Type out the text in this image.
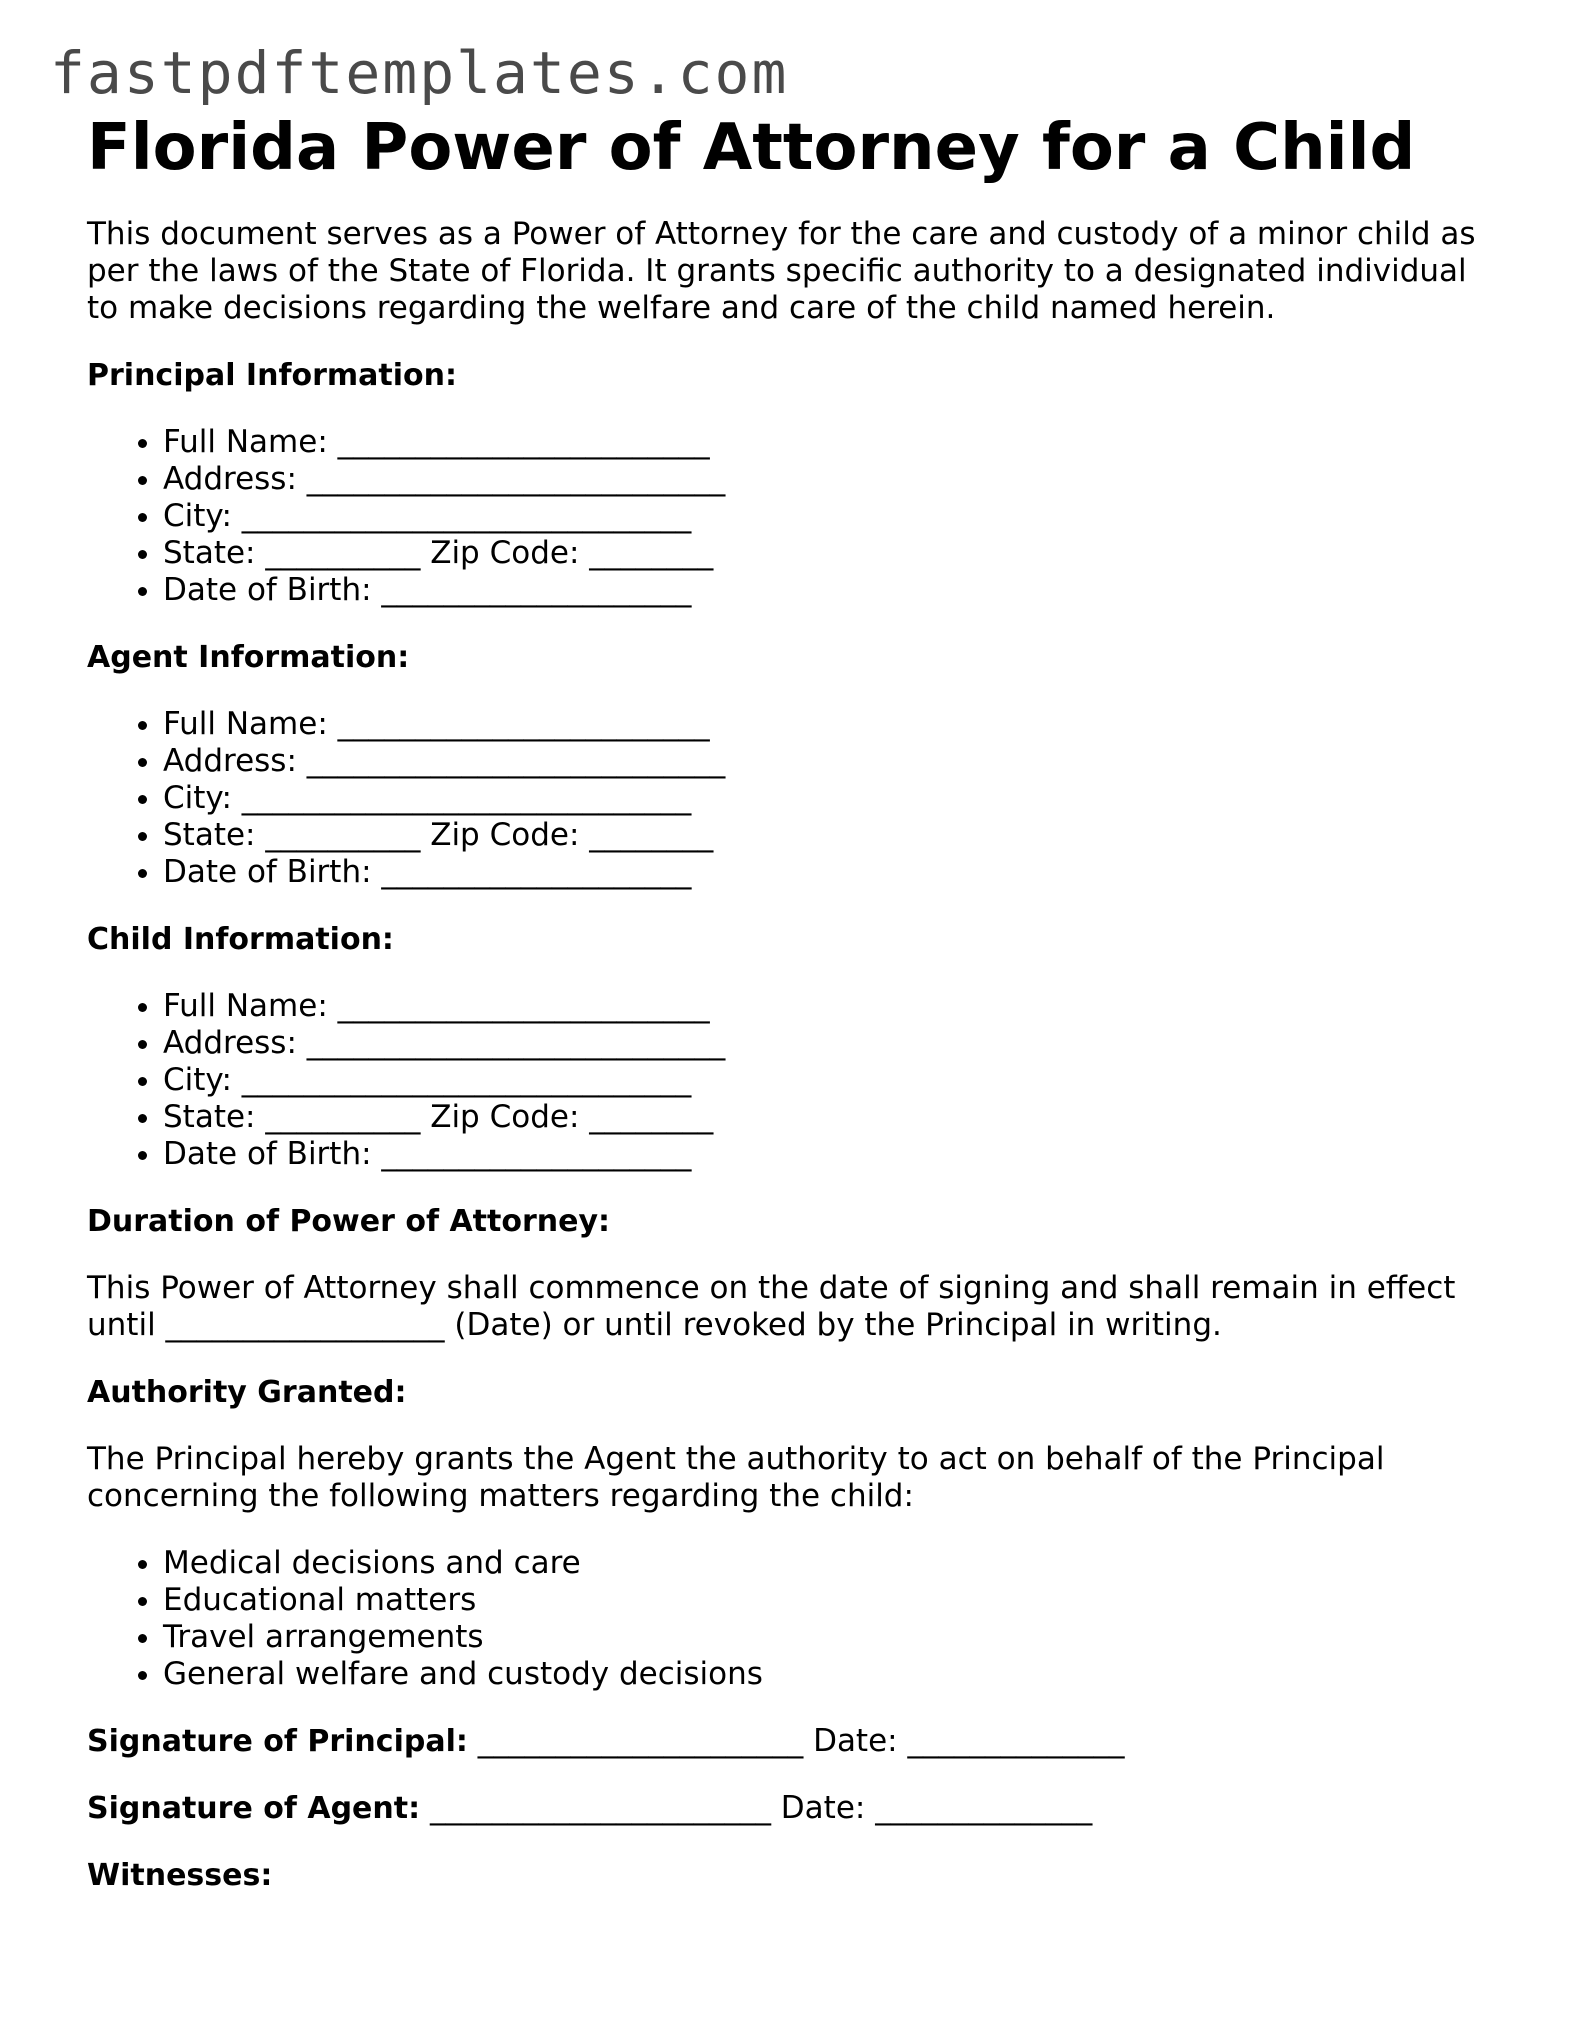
fastpdftemplates.com
Florida Power of Attorney for a Child

This document serves as a Power of Attorney for the care and custody of a minor child as per the laws of the State of Florida. It grants specific authority to a designated individual to make decisions regarding the welfare and care of the child named herein.

Principal Information:
• Full Name: ________________________
• Address: ___________________________
• City: _____________________________
• State: __________ Zip Code: ________
• Date of Birth: ____________________
Agent Information:
• Full Name: ________________________
• Address: ___________________________
• City: _____________________________
• State: __________ Zip Code: ________
• Date of Birth: ____________________
Child Information:
• Full Name: ________________________
• Address: ___________________________
• City: _____________________________
• State: __________ Zip Code: ________
• Date of Birth: ____________________
Duration of Power of Attorney:

This Power of Attorney shall commence on the date of signing and shall remain in effect until __________________ (Date) or until revoked by the Principal in writing.

Authority Granted:

The Principal hereby grants the Agent the authority to act on behalf of the Principal concerning the following matters regarding the child:

• Medical decisions and care
• Educational matters
• Travel arrangements
• General welfare and custody decisions
Signature of Principal: _____________________ Date: ______________
Signature of Agent: ______________________ Date: ______________
Witnesses:
